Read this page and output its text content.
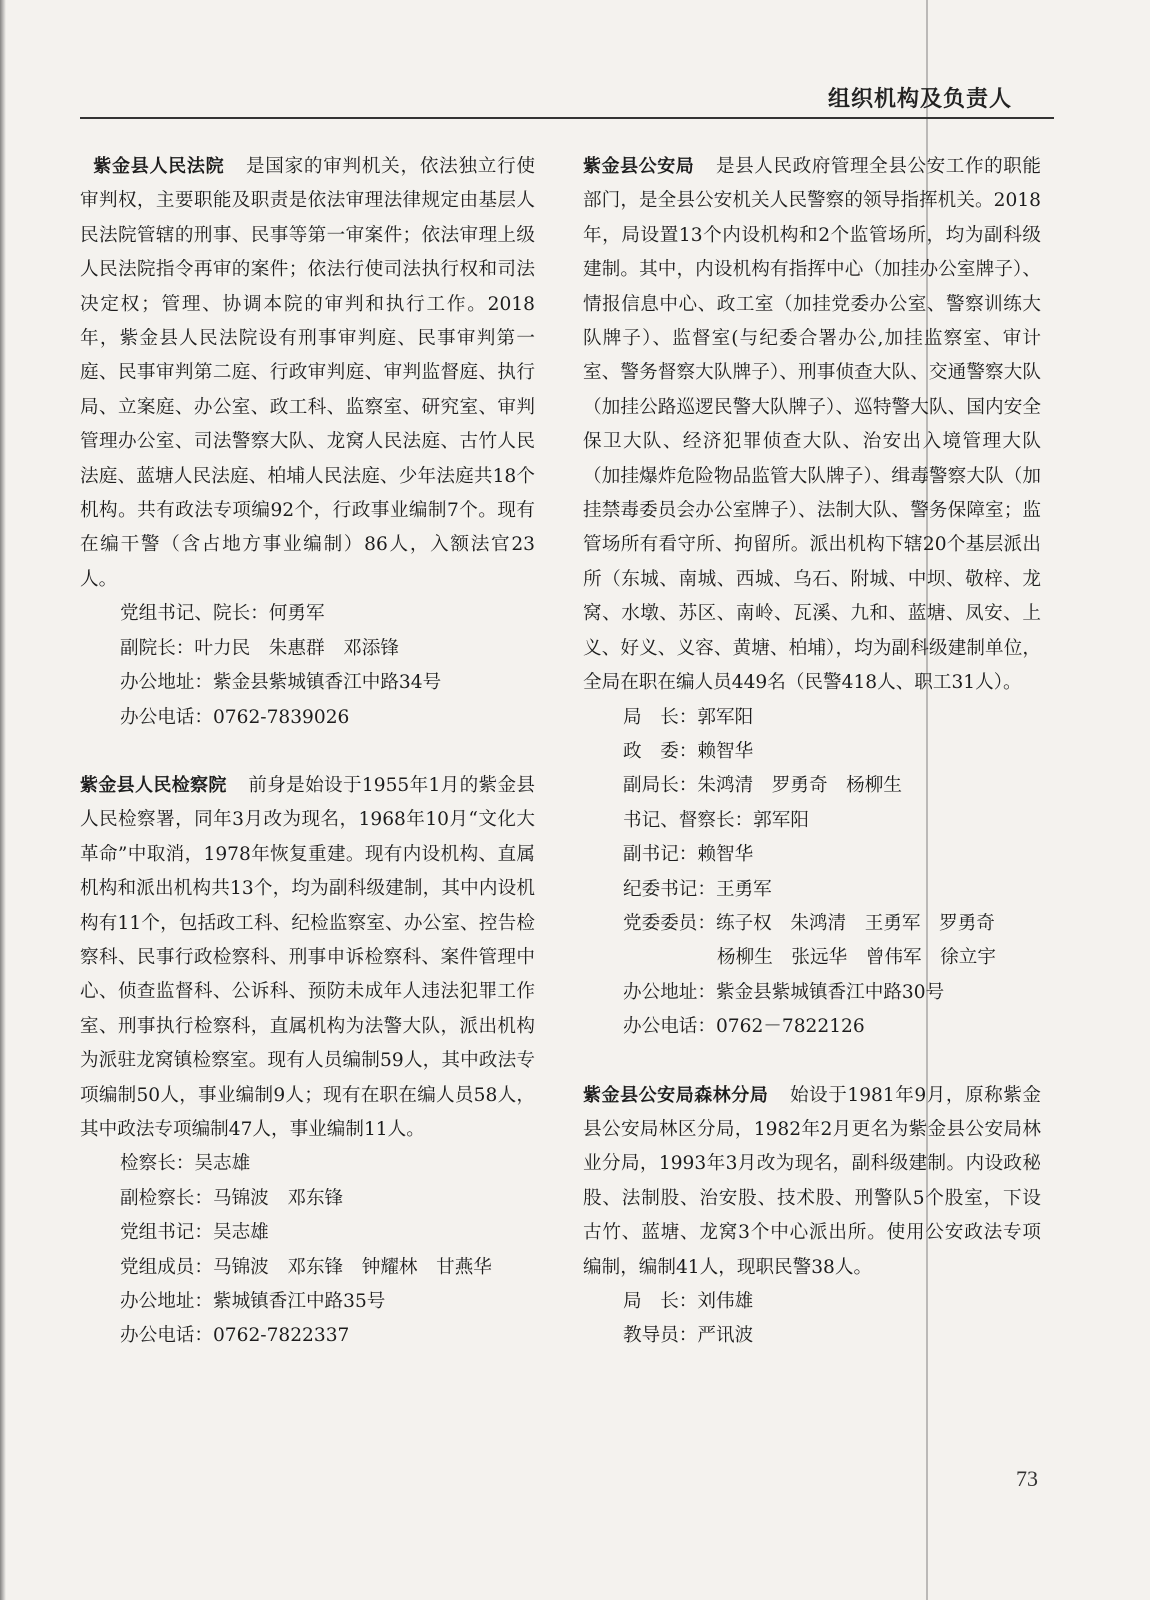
组织机构及负责人

紫金县人民法院 是国家的审判机关，依法独立行使审判权，主要职能及职责是依法审理法律规定由基层人民法院管辖的刑事、民事等第一审案件；依法审理上级人民法院指令再审的案件；依法行使司法执行权和司法决定权；管理、协调本院的审判和执行工作。2018年，紫金县人民法院设有刑事审判庭、民事审判第一庭、民事审判第二庭、行政审判庭、审判监督庭、执行局、立案庭、办公室、政工科、监察室、研究室、审判管理办公室、司法警察大队、龙窝人民法庭、古竹人民法庭、蓝塘人民法庭、柏埔人民法庭、少年法庭共18个机构。共有政法专项编92个，行政事业编制7个。现有在编干警（含占地方事业编制）86人，入额法官23人。

党组书记、院长：何勇军
副院长：叶力民　朱惠群　邓添锋
办公地址：紫金县紫城镇香江中路34号
办公电话：0762-7839026

紫金县人民检察院 前身是始设于1955年1月的紫金县人民检察署，同年3月改为现名，1968年10月“文化大革命”中取消，1978年恢复重建。现有内设机构、直属机构和派出机构共13个，均为副科级建制，其中内设机构有11个，包括政工科、纪检监察室、办公室、控告检察科、民事行政检察科、刑事申诉检察科、案件管理中心、侦查监督科、公诉科、预防未成年人违法犯罪工作室、刑事执行检察科，直属机构为法警大队，派出机构为派驻龙窝镇检察室。现有人员编制59人，其中政法专项编制50人，事业编制9人；现有在职在编人员58人，其中政法专项编制47人，事业编制11人。

检察长：吴志雄
副检察长：马锦波　邓东锋
党组书记：吴志雄
党组成员：马锦波　邓东锋　钟耀林　甘燕华
办公地址：紫城镇香江中路35号
办公电话：0762-7822337

紫金县公安局 是县人民政府管理全县公安工作的职能部门，是全县公安机关人民警察的领导指挥机关。2018年，局设置13个内设机构和2个监管场所，均为副科级建制。其中，内设机构有指挥中心（加挂办公室牌子）、情报信息中心、政工室（加挂党委办公室、警察训练大队牌子）、监督室(与纪委合署办公,加挂监察室、审计室、警务督察大队牌子）、刑事侦查大队、交通警察大队（加挂公路巡逻民警大队牌子）、巡特警大队、国内安全保卫大队、经济犯罪侦查大队、治安出入境管理大队（加挂爆炸危险物品监管大队牌子）、缉毒警察大队（加挂禁毒委员会办公室牌子）、法制大队、警务保障室；监管场所有看守所、拘留所。派出机构下辖20个基层派出所（东城、南城、西城、乌石、附城、中坝、敬梓、龙窝、水墩、苏区、南岭、瓦溪、九和、蓝塘、凤安、上义、好义、义容、黄塘、柏埔），均为副科级建制单位，全局在职在编人员449名（民警418人、职工31人）。

局　长：郭军阳
政　委：赖智华
副局长：朱鸿清　罗勇奇　杨柳生
书记、督察长：郭军阳
副书记：赖智华
纪委书记：王勇军
党委委员：练子权　朱鸿清　王勇军　罗勇奇
杨柳生　张远华　曾伟军　徐立宇
办公地址：紫金县紫城镇香江中路30号
办公电话：0762－7822126

紫金县公安局森林分局 始设于1981年9月，原称紫金县公安局林区分局，1982年2月更名为紫金县公安局林业分局，1993年3月改为现名，副科级建制。内设政秘股、法制股、治安股、技术股、刑警队5个股室，下设古竹、蓝塘、龙窝3个中心派出所。使用公安政法专项编制，编制41人，现职民警38人。

局　长：刘伟雄
教导员：严讯波
73
